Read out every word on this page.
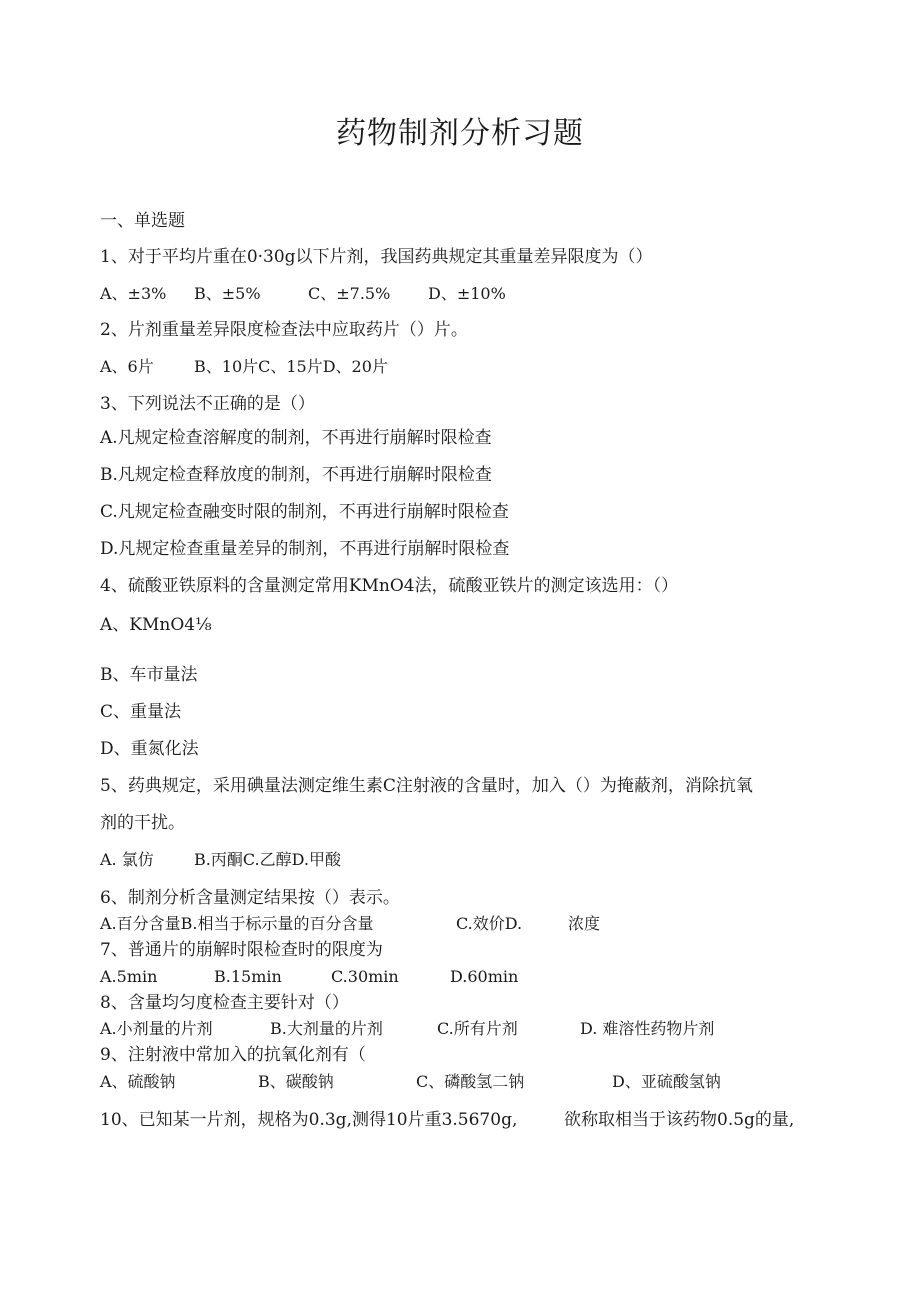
药物制剂分析习题
一、单选题
1、对于平均片重在0·30g以下片剂，我国药典规定其重量差异限度为（）
A、±3% B、±5%	C、±7.5% D、±10%
2、片剂重量差异限度检查法中应取药片（）片。
A、6片	B、10片C、15片D、20片
3、下列说法不正确的是（）
A.凡规定检查溶解度的制剂，不再进行崩解时限检查
B.凡规定检查释放度的制剂，不再进行崩解时限检查
C.凡规定检查融变时限的制剂，不再进行崩解时限检查
D.凡规定检查重量差异的制剂，不再进行崩解时限检查
4、硫酸亚铁原料的含量测定常用KMnO4法，硫酸亚铁片的测定该选用：（）
A、KMnO4⅛
B、车市量法
C、重量法
D、重氮化法
5、药典规定，采用碘量法测定维生素C注射液的含量时，加入（）为掩蔽剂，消除抗氧
剂的干扰。
A. 氯仿	B.丙酮C.乙醇D.甲酸
6、制剂分析含量测定结果按（）表示。
A.百分含量B.相当于标示量的百分含量	C.效价D.	浓度
7、普通片的崩解时限检查时的限度为
A.5min	B.15min	C.30min	D.60min
8、含量均匀度检查主要针对（）
A.小剂量的片剂	B.大剂量的片剂	C.所有片剂	D. 难溶性药物片剂
9、注射液中常加入的抗氧化剂有（
A、硫酸钠	B、碳酸钠	C、磷酸氢二钠	D、亚硫酸氢钠
10、已知某一片剂，规格为0.3g,测得10片重3.5670g,	欲称取相当于该药物0.5g的量,
